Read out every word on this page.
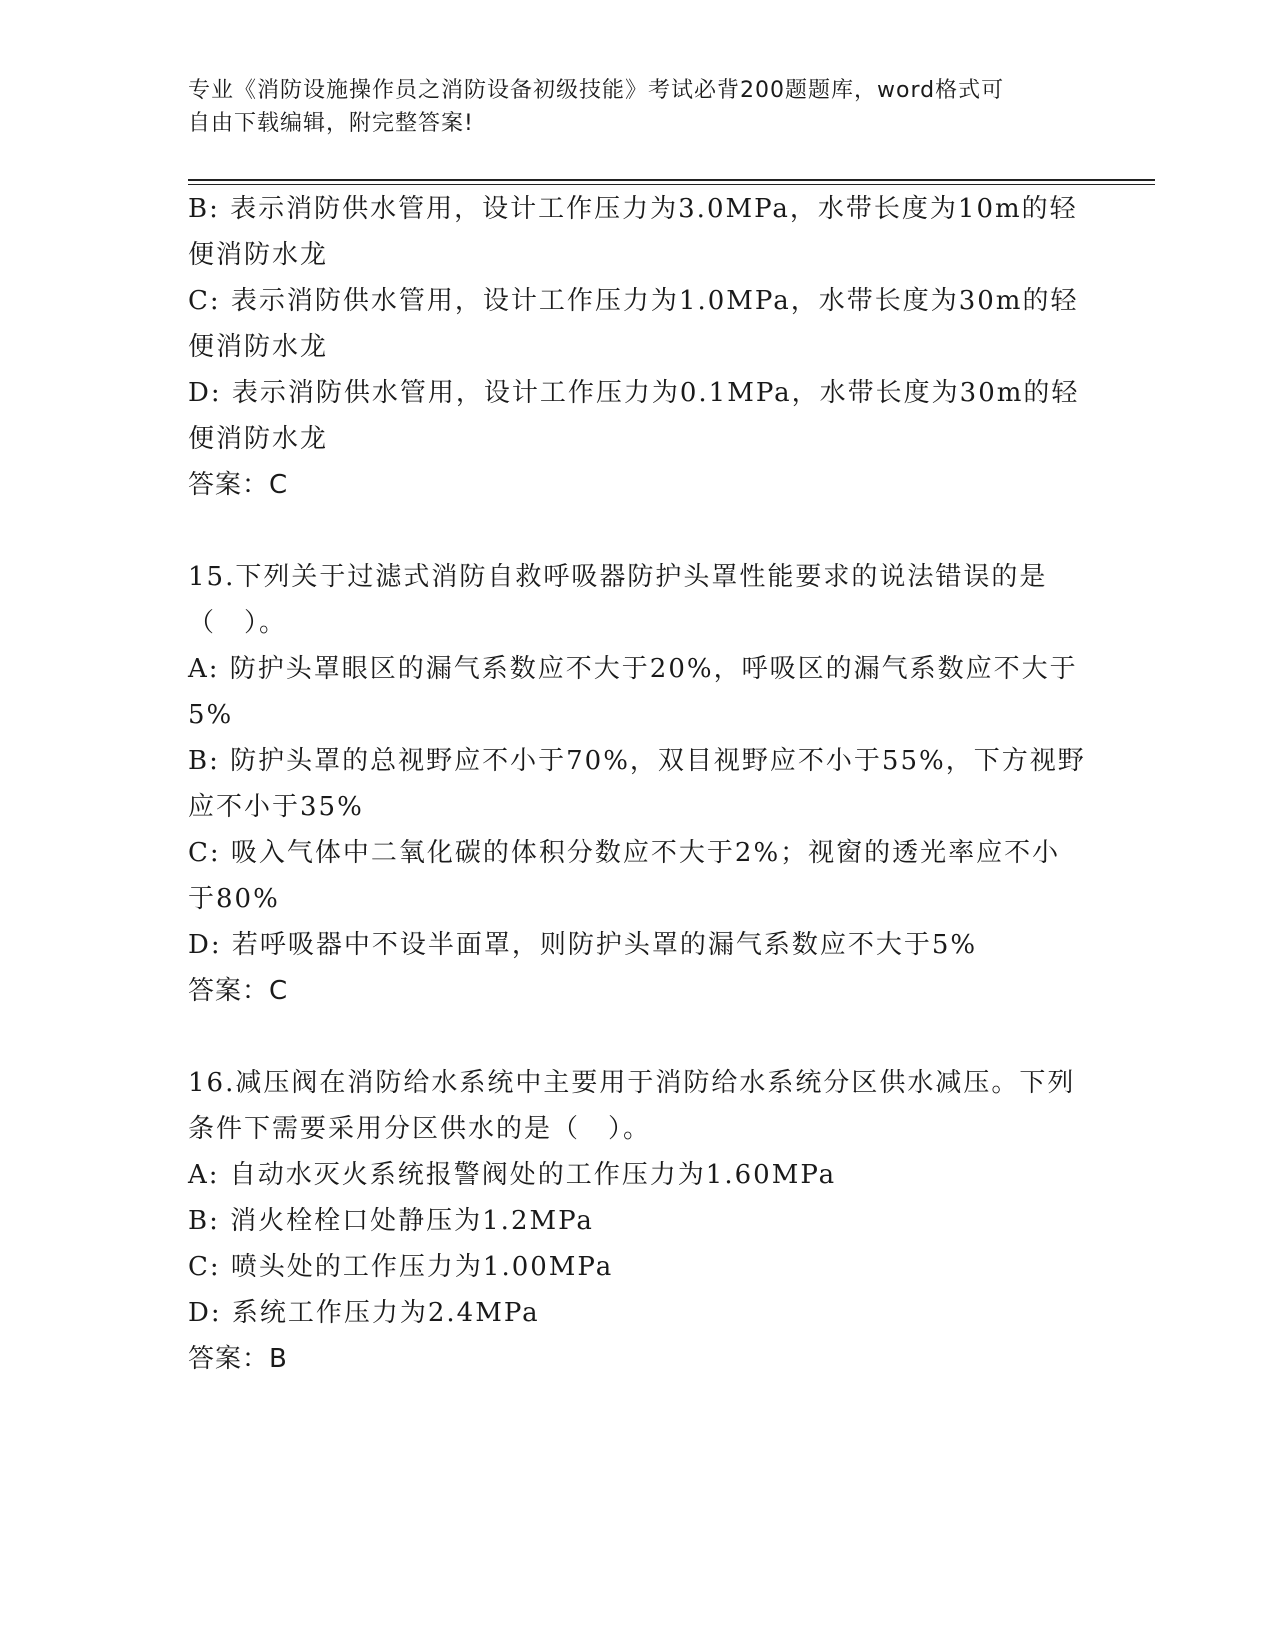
专业《消防设施操作员之消防设备初级技能》考试必背200题题库，word格式可
自由下载编辑，附完整答案!

B: 表示消防供水管用，设计工作压力为3.0MPa，水带长度为10m的轻便消防水龙

C: 表示消防供水管用，设计工作压力为1.0MPa，水带长度为30m的轻便消防水龙

D: 表示消防供水管用，设计工作压力为0.1MPa，水带长度为30m的轻便消防水龙

答案：C

15.下列关于过滤式消防自救呼吸器防护头罩性能要求的说法错误的是（　）。

A: 防护头罩眼区的漏气系数应不大于20%，呼吸区的漏气系数应不大于5%

B: 防护头罩的总视野应不小于70%，双目视野应不小于55%，下方视野应不小于35%

C: 吸入气体中二氧化碳的体积分数应不大于2%；视窗的透光率应不小于80%

D: 若呼吸器中不设半面罩，则防护头罩的漏气系数应不大于5%

答案：C

16.减压阀在消防给水系统中主要用于消防给水系统分区供水减压。下列条件下需要采用分区供水的是（　）。

A: 自动水灭火系统报警阀处的工作压力为1.60MPa

B: 消火栓栓口处静压为1.2MPa

C: 喷头处的工作压力为1.00MPa

D: 系统工作压力为2.4MPa

答案：B
